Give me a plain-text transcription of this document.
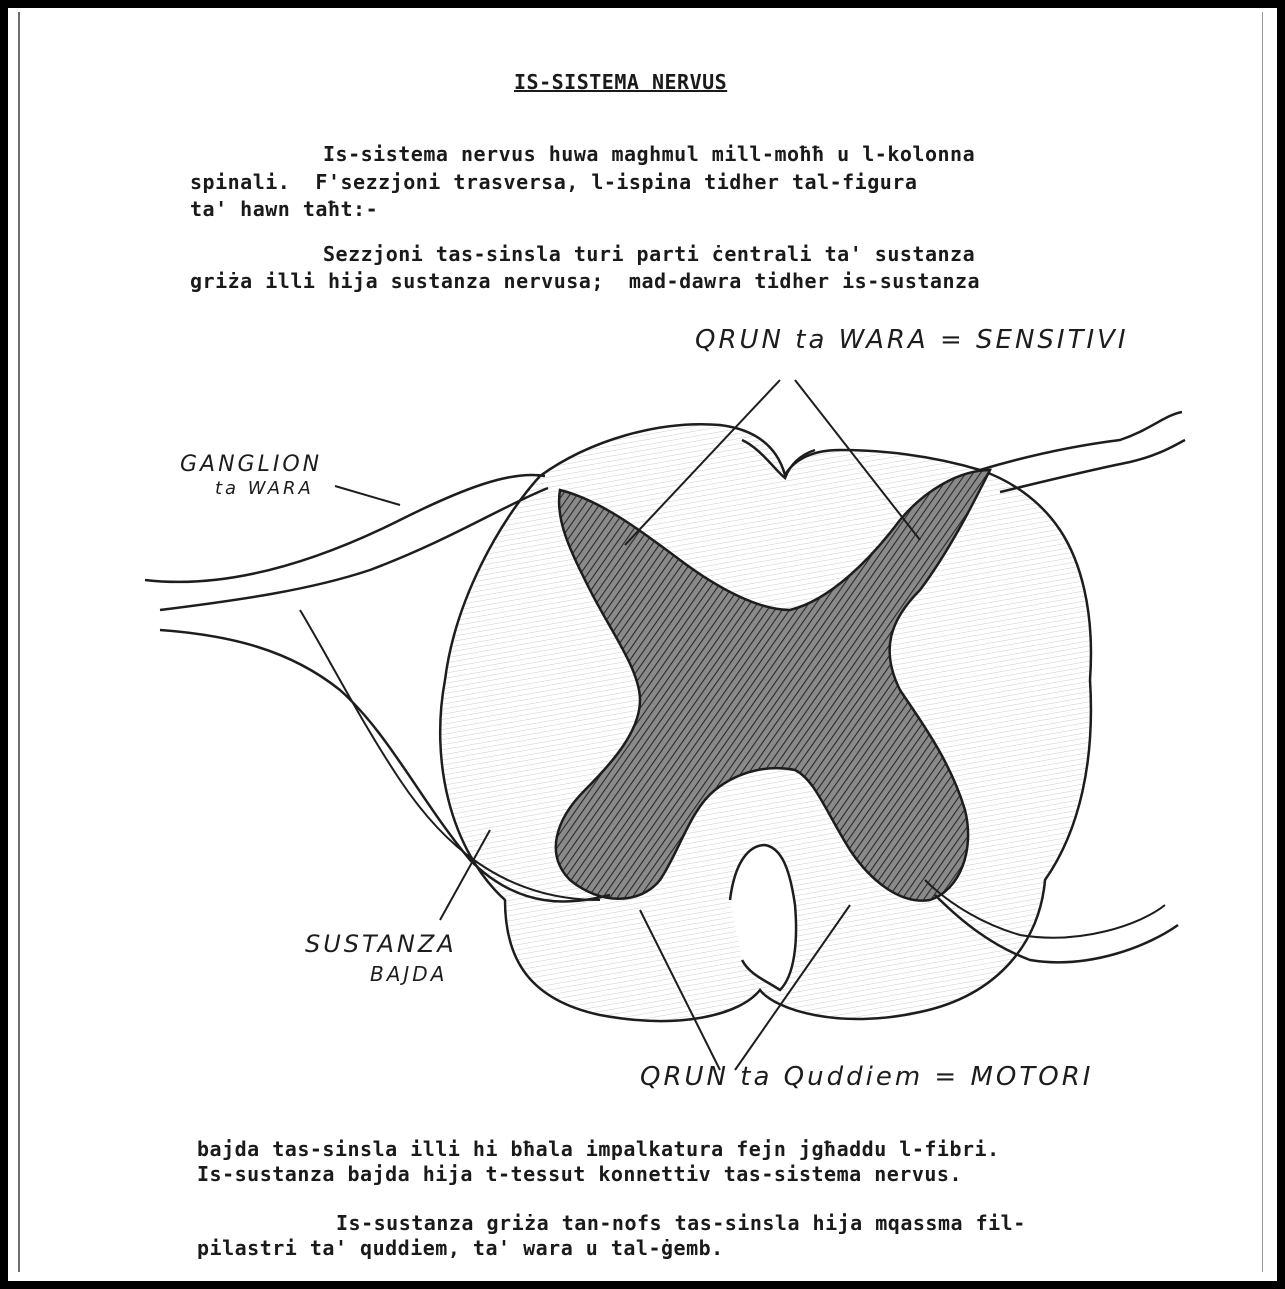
IS-SISTEMA NERVUS
Is-sistema nervus huwa maghmul mill-moħħ u l-kolonna
spinali.  F'sezzjoni trasversa, l-ispina tidher tal-figura
ta' hawn taħt:-
Sezzjoni tas-sinsla turi parti ċentrali ta' sustanza
griża illi hija sustanza nervusa;  mad-dawra tidher is-sustanza
bajda tas-sinsla illi hi bħala impalkatura fejn jgħaddu l-fibri.
Is-sustanza bajda hija t-tessut konnettiv tas-sistema nervus.
Is-sustanza griża tan-nofs tas-sinsla hija mqassma fil-
pilastri ta' quddiem, ta' wara u tal-ġemb.
QRUN ta WARA = SENSITIVI
GANGLION
ta WARA
SUSTANZA
BAJDA
QRUN ta Quddiem = MOTORI
